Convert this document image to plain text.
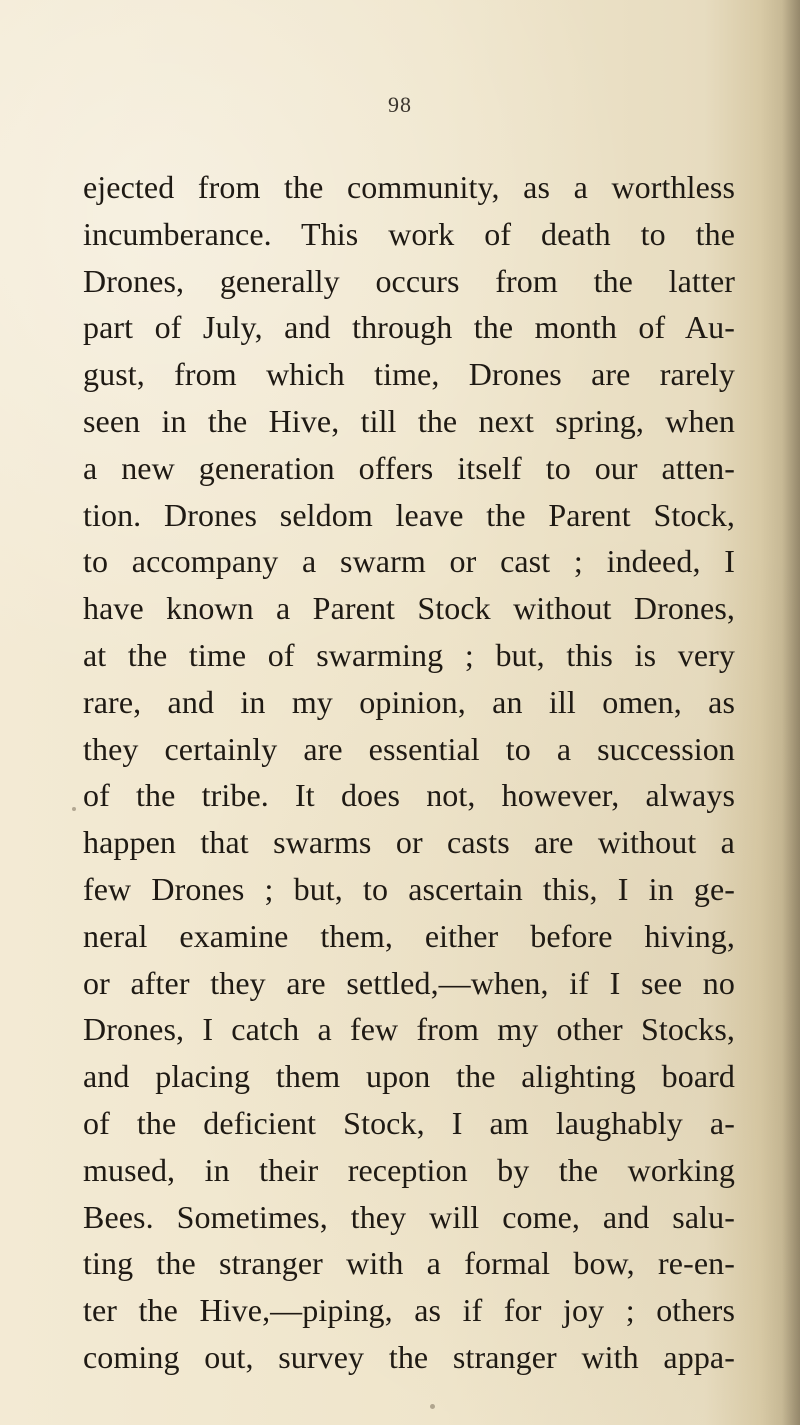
98
ejected from the community, as a worthless
incumberance. This work of death to the
Drones, generally occurs from the latter
part of July, and through the month of Au-
gust, from which time, Drones are rarely
seen in the Hive, till the next spring, when
a new generation offers itself to our atten-
tion. Drones seldom leave the Parent Stock,
to accompany a swarm or cast ; indeed, I
have known a Parent Stock without Drones,
at the time of swarming ; but, this is very
rare, and in my opinion, an ill omen, as
they certainly are essential to a succession
of the tribe. It does not, however, always
happen that swarms or casts are without a
few Drones ; but, to ascertain this, I in ge-
neral examine them, either before hiving,
or after they are settled,—when, if I see no
Drones, I catch a few from my other Stocks,
and placing them upon the alighting board
of the deficient Stock, I am laughably a-
mused, in their reception by the working
Bees. Sometimes, they will come, and salu-
ting the stranger with a formal bow, re-en-
ter the Hive,—piping, as if for joy ; others
coming out, survey the stranger with appa-
